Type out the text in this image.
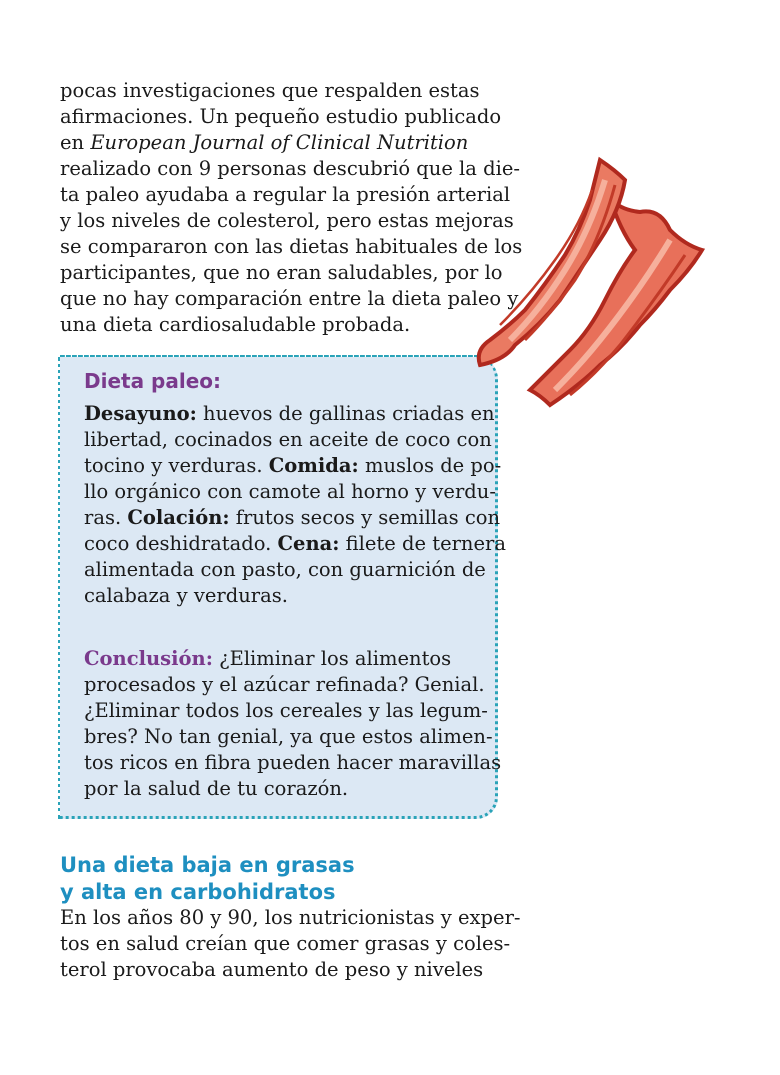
pocas investigaciones que respalden estas
afirmaciones. Un pequeño estudio publicado
en European Journal of Clinical Nutrition
realizado con 9 personas descubrió que la die-
ta paleo ayudaba a regular la presión arterial
y los niveles de colesterol, pero estas mejoras
se compararon con las dietas habituales de los
participantes, que no eran saludables, por lo
que no hay comparación entre la dieta paleo y
una dieta cardiosaludable probada.
Dieta paleo:
Desayuno: huevos de gallinas criadas en
libertad, cocinados en aceite de coco con
tocino y verduras. Comida: muslos de po-
llo orgánico con camote al horno y verdu-
ras. Colación: frutos secos y semillas con
coco deshidratado. Cena: filete de ternera
alimentada con pasto, con guarnición de
calabaza y verduras.
Conclusión: ¿Eliminar los alimentos
procesados y el azúcar refinada? Genial.
¿Eliminar todos los cereales y las legum-
bres? No tan genial, ya que estos alimen-
tos ricos en fibra pueden hacer maravillas
por la salud de tu corazón.
Una dieta baja en grasas
y alta en carbohidratos
En los años 80 y 90, los nutricionistas y exper-
tos en salud creían que comer grasas y coles-
terol provocaba aumento de peso y niveles
